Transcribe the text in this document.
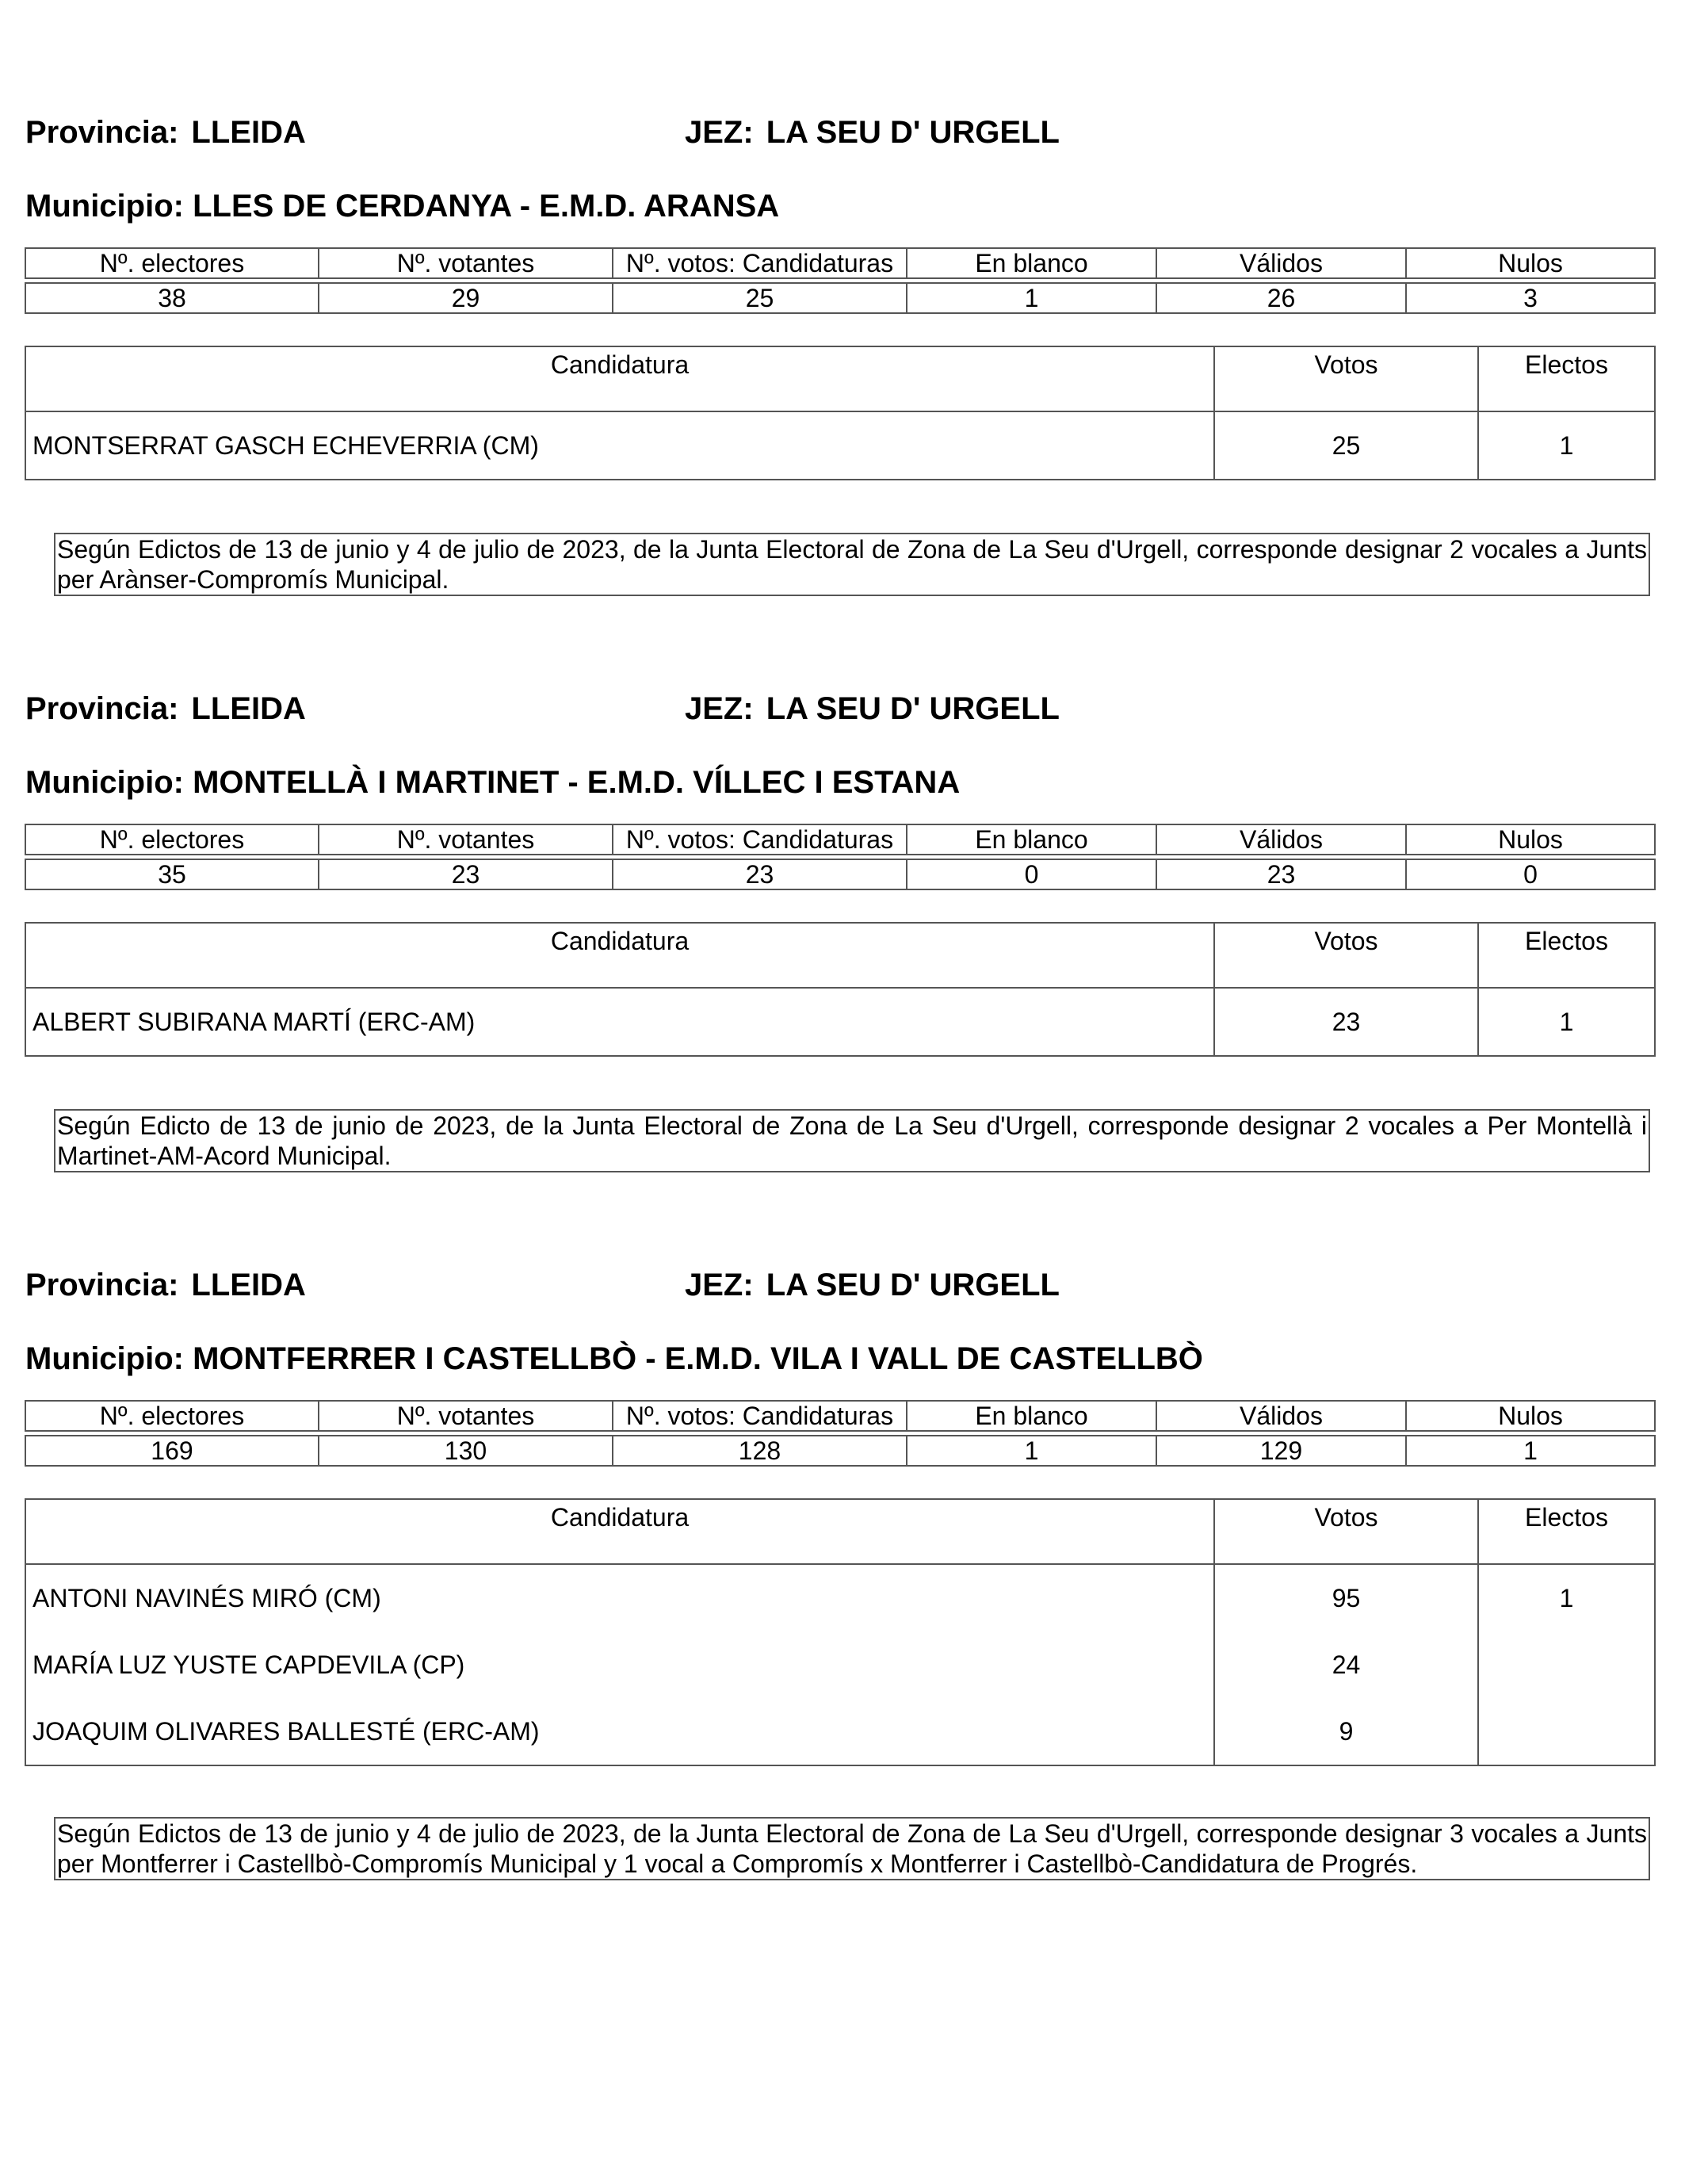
Provincia: LLEIDA	JEZ: LA SEU D' URGELL
Municipio: LLES DE CERDANYA - E.M.D. ARANSA
Nº. electores	Nº. votantes	Nº. votos: Candidaturas	En blanco	Válidos	Nulos

38	29	25	1	26	3
Candidatura	Votos	Electos
MONTSERRAT GASCH ECHEVERRIA (CM)	25	1
Según Edictos de 13 de junio y 4 de julio de 2023, de la Junta Electoral de Zona de La Seu d'Urgell, corresponde designar 2 vocales a Junts per Arànser-Compromís Municipal.
Provincia: LLEIDA	JEZ: LA SEU D' URGELL
Municipio: MONTELLÀ I MARTINET - E.M.D. VÍLLEC I ESTANA
Nº. electores	Nº. votantes	Nº. votos: Candidaturas	En blanco	Válidos	Nulos

35	23	23	0	23	0
Candidatura	Votos	Electos
ALBERT SUBIRANA MARTÍ (ERC-AM)	23	1
Según Edicto de 13 de junio de 2023, de la Junta Electoral de Zona de La Seu d'Urgell, corresponde designar 2 vocales a Per Montellà i Martinet-AM-Acord Municipal.
Provincia: LLEIDA	JEZ: LA SEU D' URGELL
Municipio: MONTFERRER I CASTELLBÒ - E.M.D. VILA I VALL DE CASTELLBÒ
Nº. electores	Nº. votantes	Nº. votos: Candidaturas	En blanco	Válidos	Nulos

169	130	128	1	129	1
Candidatura	Votos	Electos
ANTONI NAVINÉS MIRÓ (CM)	95	1
MARÍA LUZ YUSTE CAPDEVILA (CP)	24	
JOAQUIM OLIVARES BALLESTÉ (ERC-AM)	9	
Según Edictos de 13 de junio y 4 de julio de 2023, de la Junta Electoral de Zona de La Seu d'Urgell, corresponde designar 3 vocales a Junts per Montferrer i Castellbò-Compromís Municipal y 1 vocal a Compromís x Montferrer i Castellbò-Candidatura de Progrés.
